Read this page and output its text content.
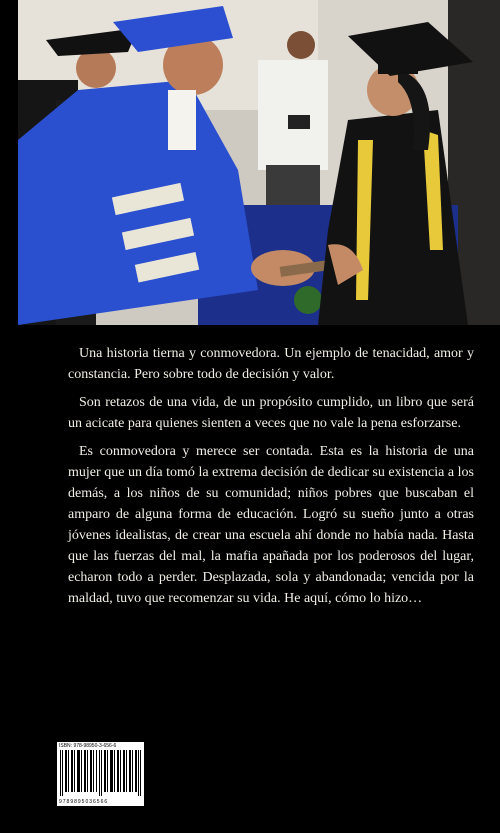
Una historia tierna y conmovedora. Un ejemplo de tenacidad, amor y constancia. Pero sobre todo de decisión y valor.

Son retazos de una vida, de un propósito cumplido, un libro que será un acicate para quienes sienten a veces que no vale la pena esforzarse.

Es conmovedora y merece ser contada. Esta es la historia de una mujer que un día tomó la extrema decisión de dedicar su existencia a los demás, a los niños de su comunidad; niños pobres que buscaban el amparo de alguna forma de educación. Logró su sueño junto a otras jóvenes idealistas, de crear una escuela ahí donde no había nada. Hasta que las fuerzas del mal, la mafia apañada por los poderosos del lugar, echaron todo a perder. Desplazada, sola y abandonada; vencida por la maldad, tuvo que recomenzar su vida. He aquí, cómo lo hizo…

ISBN: 978-98950-3-656-6
9789895036566
